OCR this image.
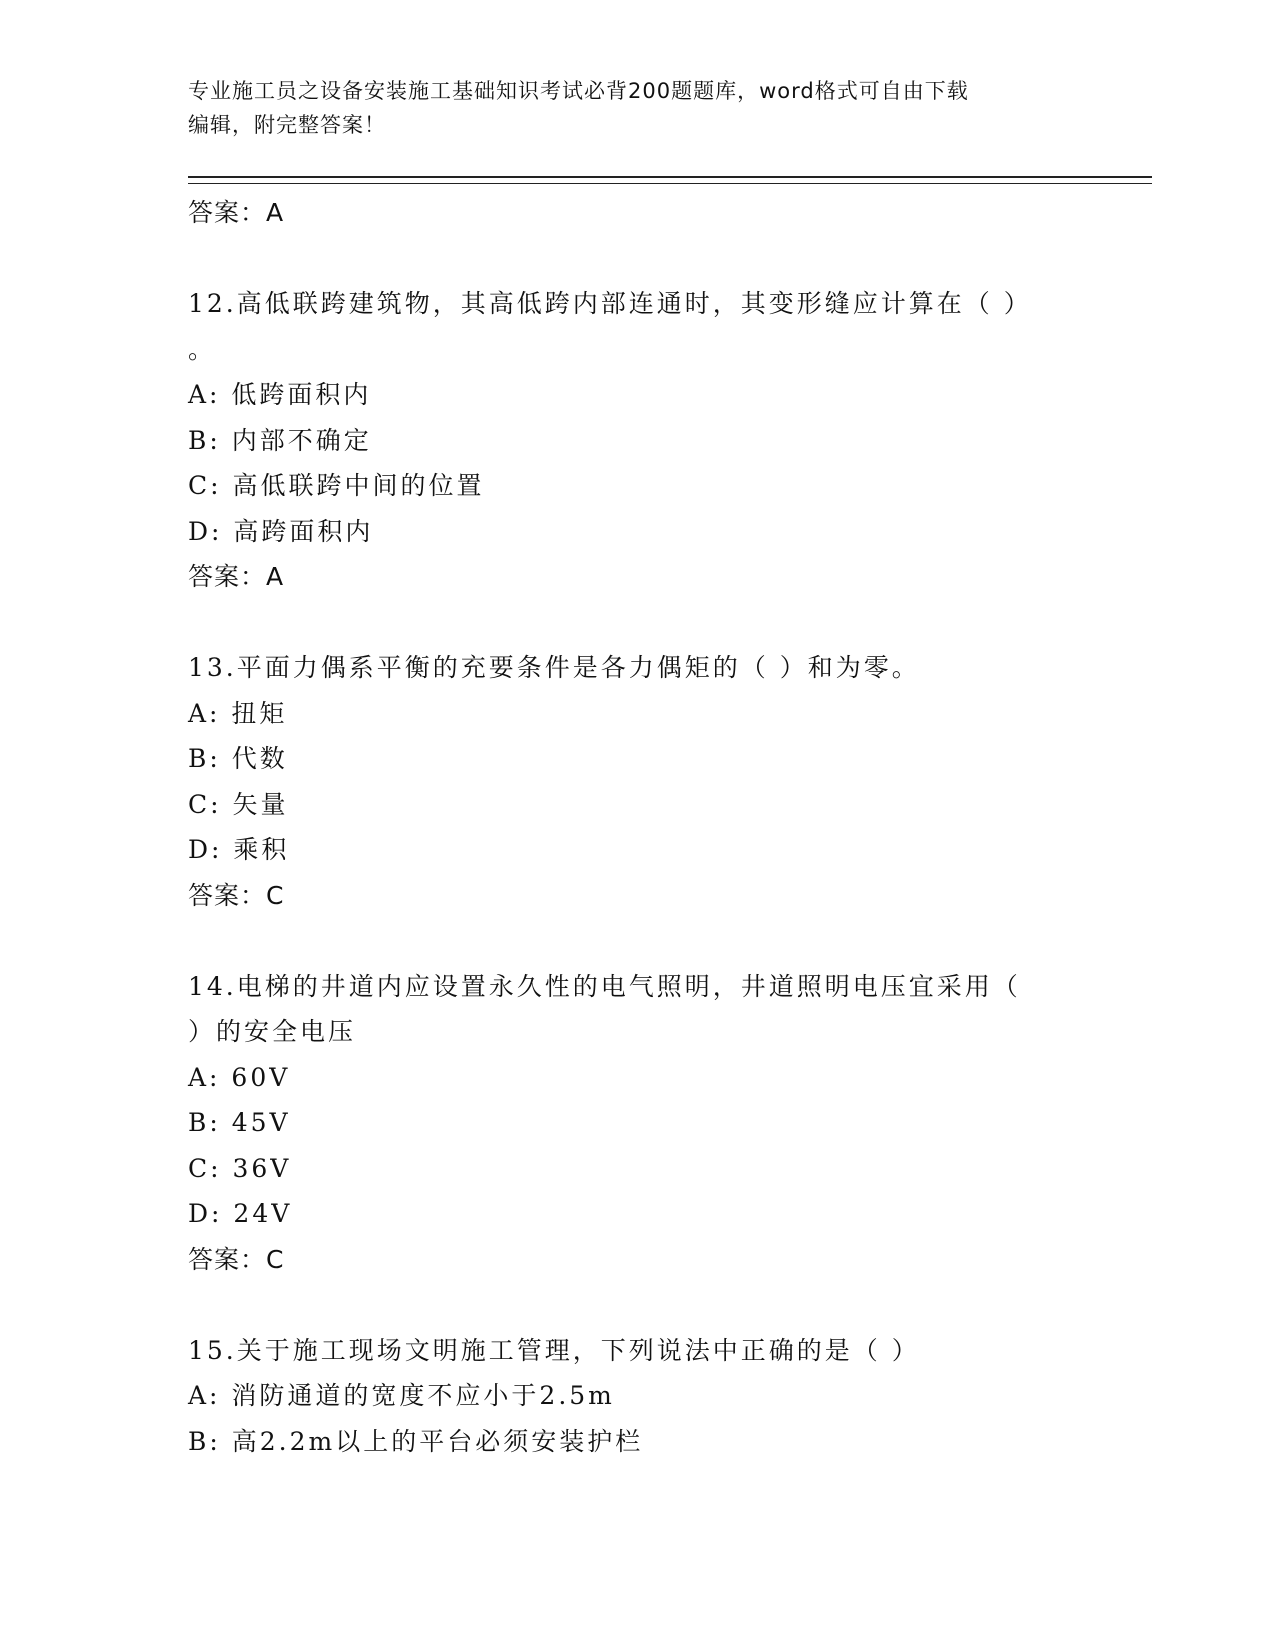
专业施工员之设备安装施工基础知识考试必背200题题库，word格式可自由下载
编辑，附完整答案！
答案：A
12.高低联跨建筑物，其高低跨内部连通时，其变形缝应计算在（ ）
。
A: 低跨面积内
B: 内部不确定
C: 高低联跨中间的位置
D: 高跨面积内
答案：A
13.平面力偶系平衡的充要条件是各力偶矩的（ ）和为零。
A: 扭矩
B: 代数
C: 矢量
D: 乘积
答案：C
14.电梯的井道内应设置永久性的电气照明，井道照明电压宜采用（
）的安全电压
A: 60V
B: 45V
C: 36V
D: 24V
答案：C
15.关于施工现场文明施工管理，下列说法中正确的是（ ）
A: 消防通道的宽度不应小于2.5m
B: 高2.2m以上的平台必须安装护栏
